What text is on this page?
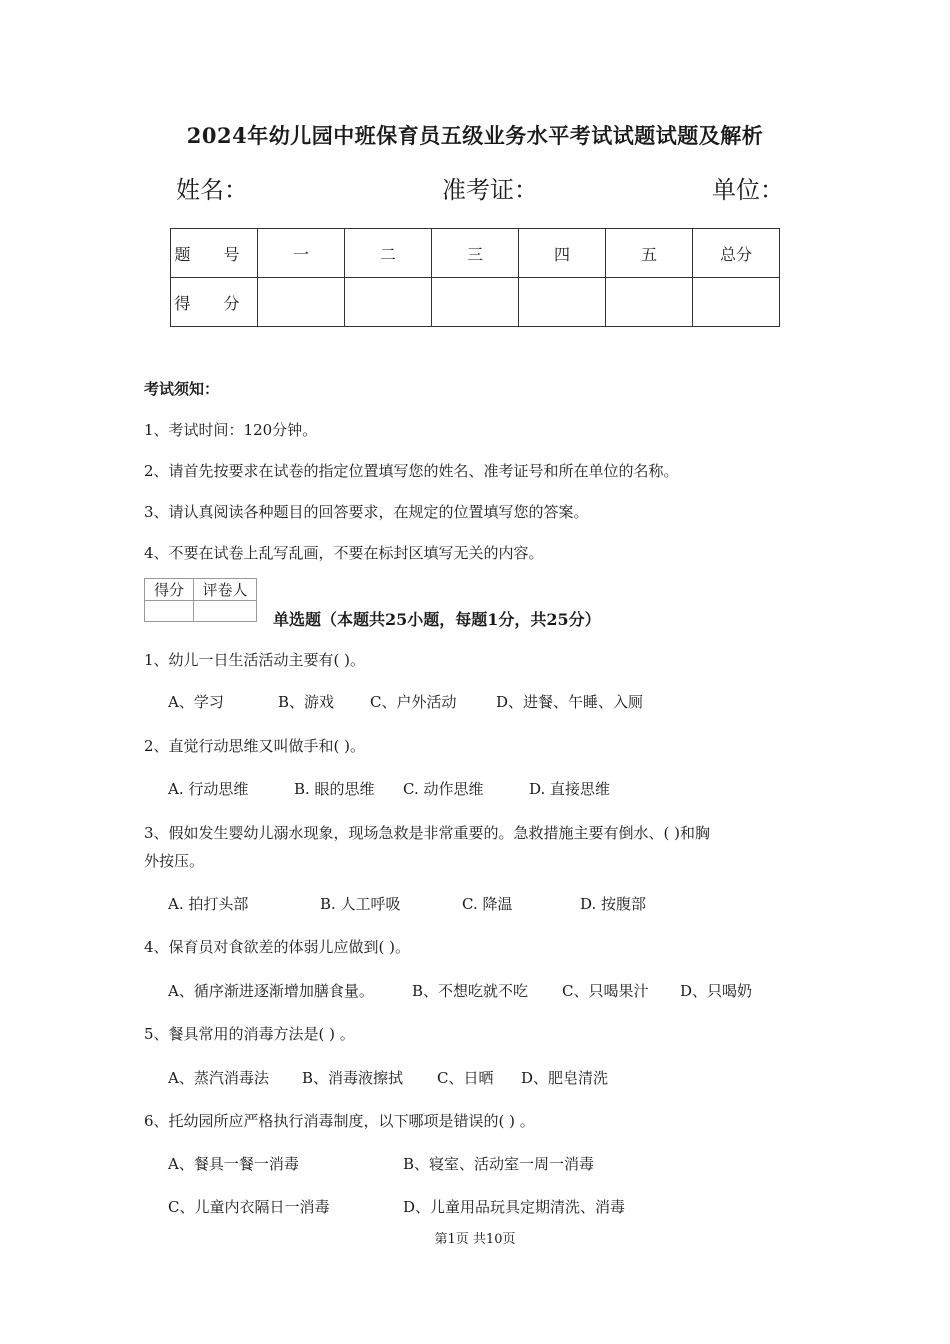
2024年幼儿园中班保育员五级业务水平考试试题试题及解析
姓名：	准考证：	单位：
题 号	一	二	三	四	五	总分
得 分						
考试须知：
1、考试时间：120分钟。
2、请首先按要求在试卷的指定位置填写您的姓名、准考证号和所在单位的名称。
3、请认真阅读各种题目的回答要求，在规定的位置填写您的答案。
4、不要在试卷上乱写乱画，不要在标封区填写无关的内容。
得分	评卷人

单选题（本题共25小题，每题1分，共25分）
1、幼儿一日生活活动主要有( )。
A、学习	B、游戏 C、户外活动	D、进餐、午睡、入厕
2、直觉行动思维又叫做手和( )。
A. 行动思维	B. 眼的思维 C. 动作思维	D. 直接思维
3、假如发生婴幼儿溺水现象，现场急救是非常重要的。急救措施主要有倒水、( )和胸
外按压。
A. 拍打头部	B. 人工呼吸	C. 降温	D. 按腹部
4、保育员对食欲差的体弱儿应做到( )。
A、循序渐进逐渐增加膳食量。	B、不想吃就不吃 C、只喝果汁 D、只喝奶
5、餐具常用的消毒方法是( ) 。
A、蒸汽消毒法 B、消毒液擦拭 C、日晒 D、肥皂清洗
6、托幼园所应严格执行消毒制度，以下哪项是错误的( ) 。
A、餐具一餐一消毒	B、寝室、活动室一周一消毒
C、儿童内衣隔日一消毒	D、儿童用品玩具定期清洗、消毒
第1页 共10页
